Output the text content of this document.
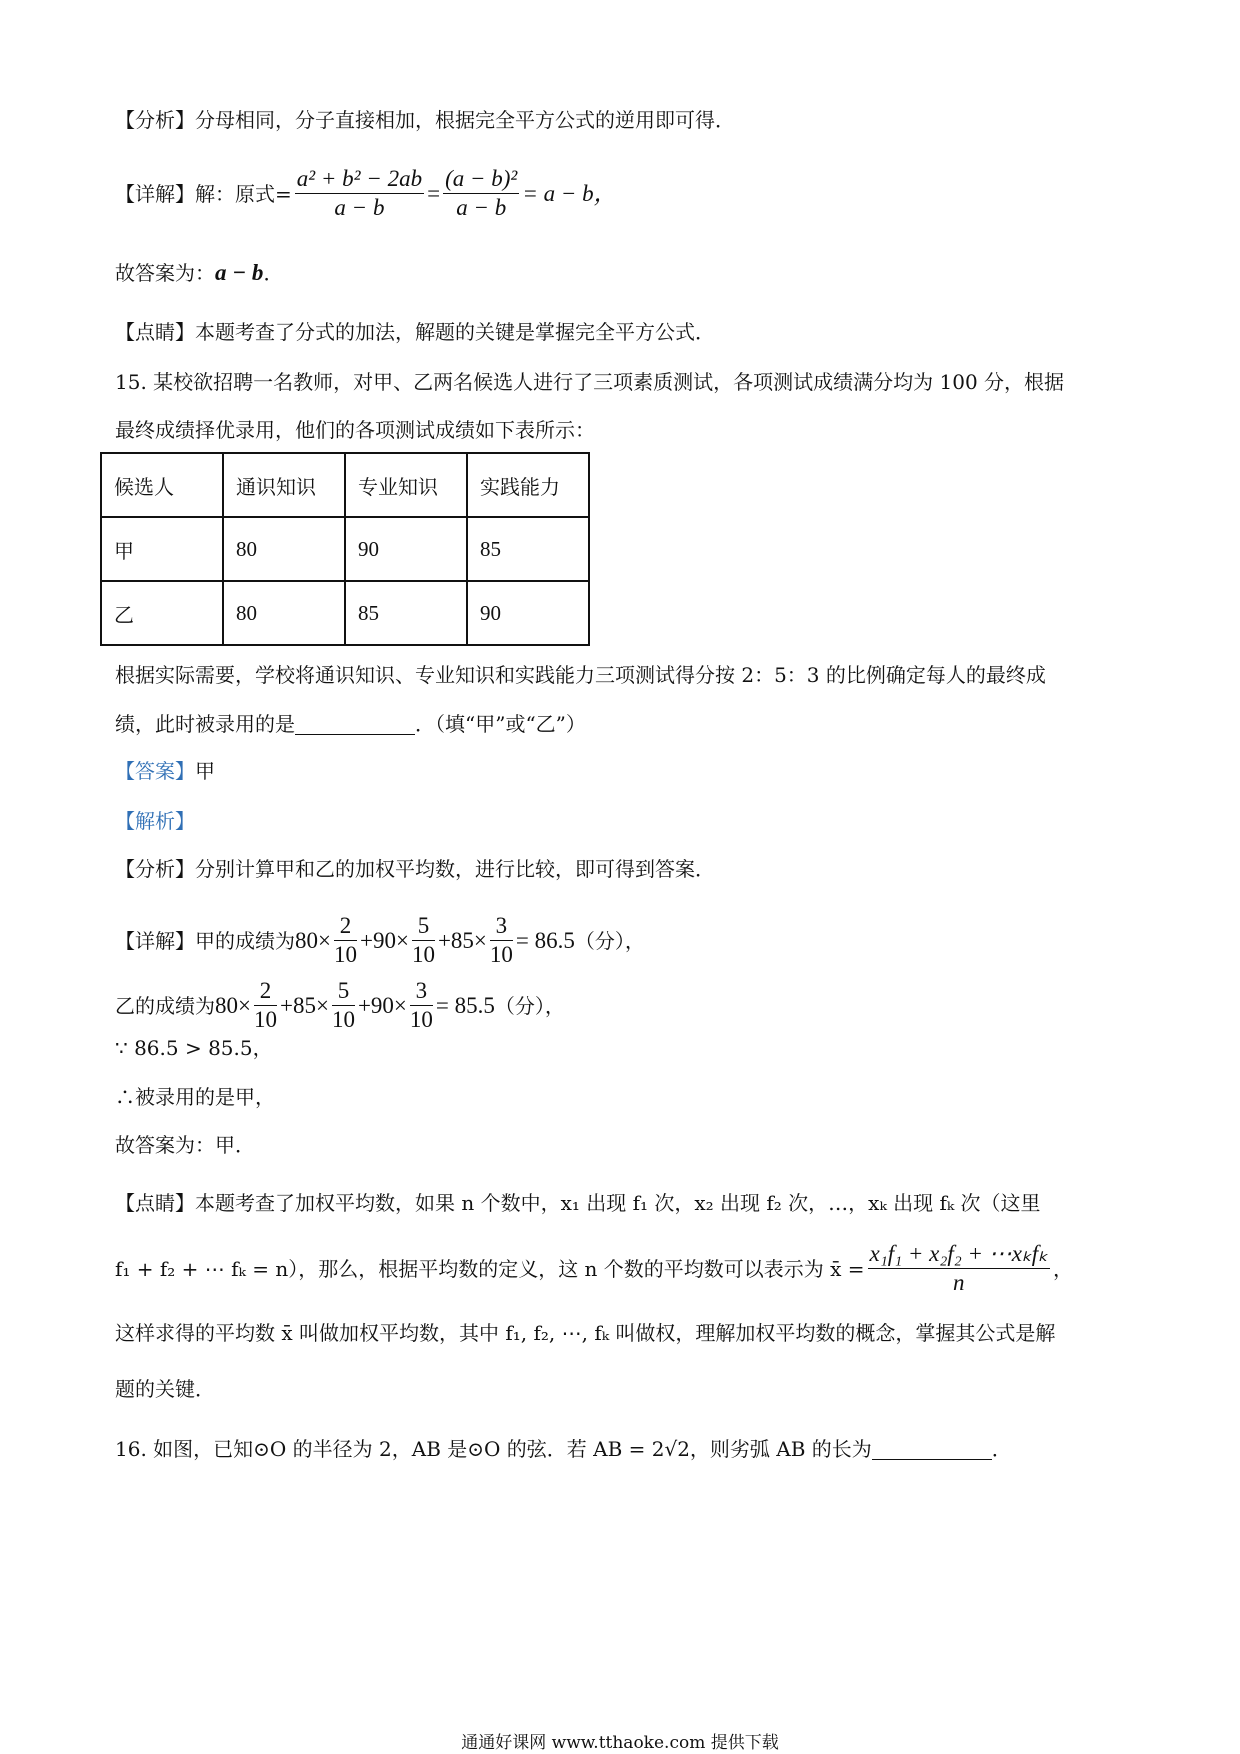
【分析】 分母相同，分子直接相加，根据完全平方公式的逆用即可得．
【详解】 解：原式= $\frac{\text{a² + b² − 2ab}}{a - b} = \frac{\text{(a − b)²}}{a - b} = a - b$，
故答案为： a − b ．
【点睛】 本题考查了分式的加法，解题的关键是掌握完全平方公式．
15. 某校欲招聘一名教师，对甲、乙两名候选人进行了三项素质测试，各项测试成绩满分均为 100 分，根据
最终成绩择优录用，他们的各项测试成绩如下表所示：
候选人	通识知识	专业知识	实践能力
甲	80	90	85
乙	80	85	90
根据实际需要，学校将通识知识、专业知识和实践能力三项测试得分按 2：5：3 的比例确定每人的最终成
绩，此时被录用的是	．（填“甲”或“乙”）
【答案】 甲
【解析】
【分析】 分别计算甲和乙的加权平均数，进行比较，即可得到答案．
【详解】 甲的成绩为 $80\times \frac{2}{10} +90\times \frac{5}{10} +85\times \frac{3}{10} = 86.5$ （分），
乙的成绩为 $80\times \frac{2}{10} +85\times \frac{5}{10} +90\times \frac{3}{10} = 85.5$ （分），
∵ 86.5 > 85.5，
∴被录用的是甲，
故答案为：甲．
【点睛】 本题考查了加权平均数，如果 n 个数中，x₁ 出现 f₁ 次，x₂ 出现 f₂ 次，…，xₖ 出现 fₖ 次（这里
f₁ + f₂ + ⋯ fₖ = n），那么，根据平均数的定义，这 n 个数的平均数可以表示为 x̄ = $\frac{\text{x₁f₁ + x₂f₂ + ⋯xₖfₖ}}{n}$ ，
这样求得的平均数 x̄ 叫做加权平均数，其中 f₁, f₂, ⋯, fₖ 叫做权，理解加权平均数的概念，掌握其公式是解
题的关键．
16. 如图，已知⊙O 的半径为 2，AB 是⊙O 的弦．若 AB = 2√2，则劣弧 AB 的长为	．
通通好课网 www.tthaoke.com 提供下载
